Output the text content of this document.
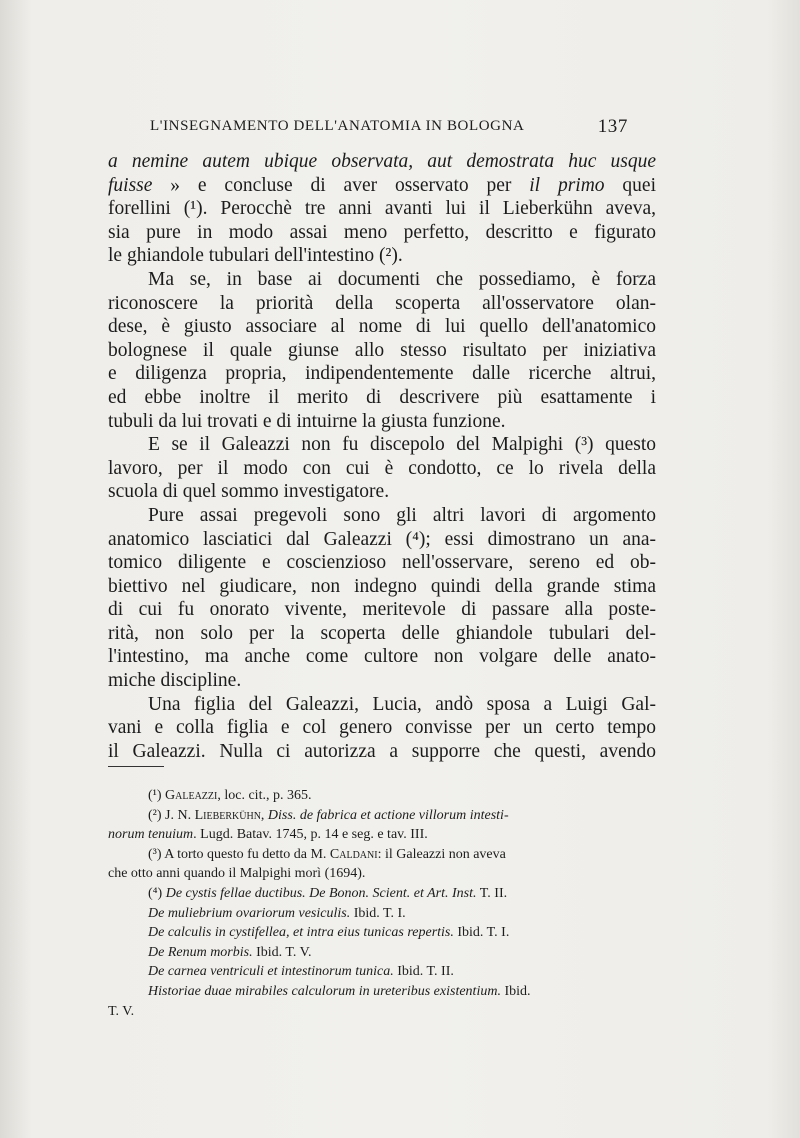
L'INSEGNAMENTO DELL'ANATOMIA IN BOLOGNA	137
a nemine autem ubique observata, aut demostrata huc usque
fuisse » e concluse di aver osservato per il primo quei
forellini (¹). Perocchè tre anni avanti lui il Lieberkühn aveva,
sia pure in modo assai meno perfetto, descritto e figurato
le ghiandole tubulari dell'intestino (²).
Ma se, in base ai documenti che possediamo, è forza
riconoscere la priorità della scoperta all'osservatore olan-
dese, è giusto associare al nome di lui quello dell'anatomico
bolognese il quale giunse allo stesso risultato per iniziativa
e diligenza propria, indipendentemente dalle ricerche altrui,
ed ebbe inoltre il merito di descrivere più esattamente i
tubuli da lui trovati e di intuirne la giusta funzione.
E se il Galeazzi non fu discepolo del Malpighi (³) questo
lavoro, per il modo con cui è condotto, ce lo rivela della
scuola di quel sommo investigatore.
Pure assai pregevoli sono gli altri lavori di argomento
anatomico lasciatici dal Galeazzi (⁴); essi dimostrano un ana-
tomico diligente e coscienzioso nell'osservare, sereno ed ob-
biettivo nel giudicare, non indegno quindi della grande stima
di cui fu onorato vivente, meritevole di passare alla poste-
rità, non solo per la scoperta delle ghiandole tubulari del-
l'intestino, ma anche come cultore non volgare delle anato-
miche discipline.
Una figlia del Galeazzi, Lucia, andò sposa a Luigi Gal-
vani e colla figlia e col genero convisse per un certo tempo
il Galeazzi. Nulla ci autorizza a supporre che questi, avendo
(¹) Galeazzi, loc. cit., p. 365.
(²) J. N. Lieberkühn, Diss. de fabrica et actione villorum intesti-
norum tenuium. Lugd. Batav. 1745, p. 14 e seg. e tav. III.
(³) A torto questo fu detto da M. Caldani: il Galeazzi non aveva
che otto anni quando il Malpighi morì (1694).
(⁴) De cystis fellae ductibus. De Bonon. Scient. et Art. Inst. T. II.
De muliebrium ovariorum vesiculis. Ibid. T. I.
De calculis in cystifellea, et intra eius tunicas repertis. Ibid. T. I.
De Renum morbis. Ibid. T. V.
De carnea ventriculi et intestinorum tunica. Ibid. T. II.
Historiae duae mirabiles calculorum in ureteribus existentium. Ibid.
T. V.
